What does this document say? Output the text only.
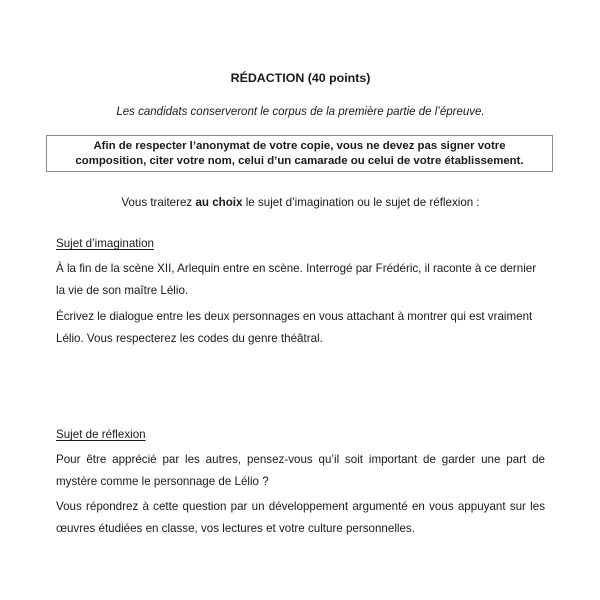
RÉDACTION (40 points)
Les candidats conserveront le corpus de la première partie de l’épreuve.
Afin de respecter l’anonymat de votre copie, vous ne devez pas signer votre
composition, citer votre nom, celui d’un camarade ou celui de votre établissement.
Vous traiterez au choix le sujet d’imagination ou le sujet de réflexion :
Sujet d’imagination
À la fin de la scène XII, Arlequin entre en scène. Interrogé par Frédéric, il raconte à ce dernier
la vie de son maître Lélio.
Écrivez le dialogue entre les deux personnages en vous attachant à montrer qui est vraiment
Lélio. Vous respecterez les codes du genre théâtral.
Sujet de réflexion
Pour être apprécié par les autres, pensez-vous qu’il soit important de garder une part de
mystère comme le personnage de Lélio ?
Vous répondrez à cette question par un développement argumenté en vous appuyant sur les
œuvres étudiées en classe, vos lectures et votre culture personnelles.
